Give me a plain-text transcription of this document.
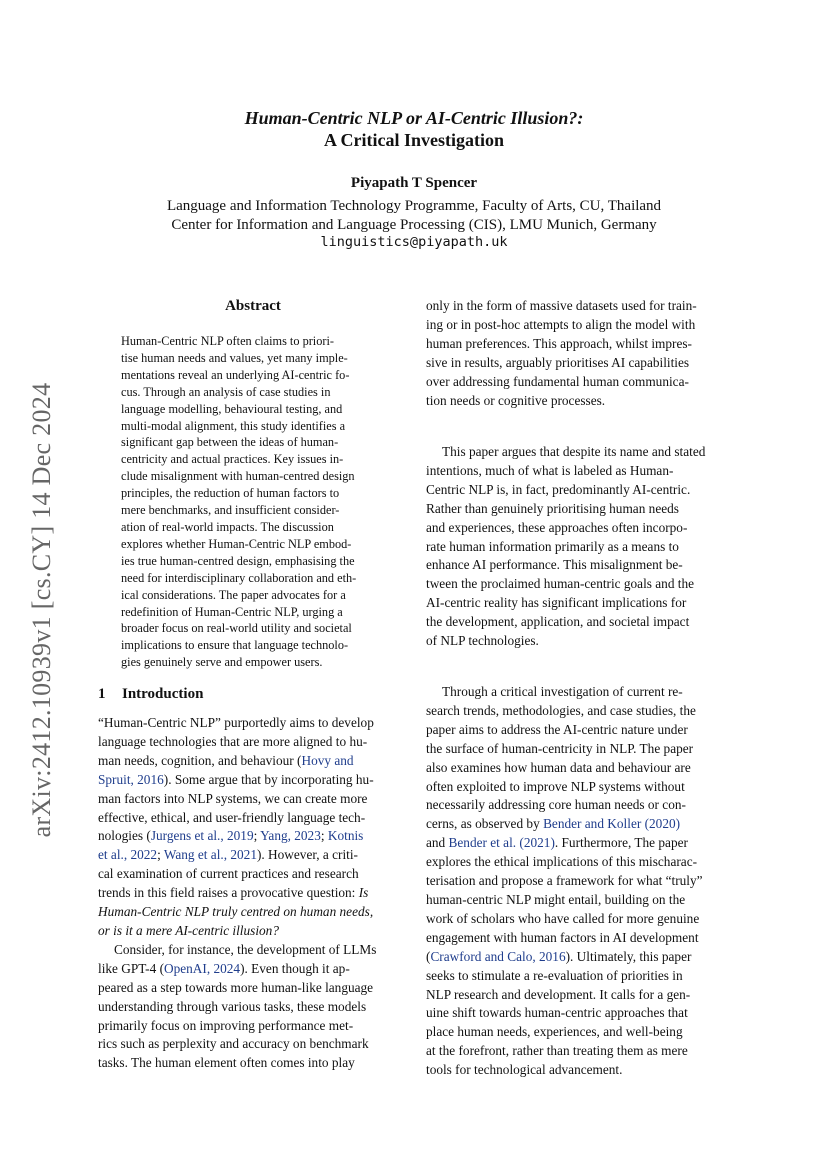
Human-Centric NLP or AI-Centric Illusion?:
A Critical Investigation
Piyapath T Spencer
Language and Information Technology Programme, Faculty of Arts, CU, Thailand
Center for Information and Language Processing (CIS), LMU Munich, Germany
linguistics@piyapath.uk
arXiv:2412.10939v1 [cs.CY] 14 Dec 2024
Abstract
Human-Centric NLP often claims to priori-
tise human needs and values, yet many imple-
mentations reveal an underlying AI-centric fo-
cus. Through an analysis of case studies in
language modelling, behavioural testing, and
multi-modal alignment, this study identifies a
significant gap between the ideas of human-
centricity and actual practices. Key issues in-
clude misalignment with human-centred design
principles, the reduction of human factors to
mere benchmarks, and insufficient consider-
ation of real-world impacts. The discussion
explores whether Human-Centric NLP embod-
ies true human-centred design, emphasising the
need for interdisciplinary collaboration and eth-
ical considerations. The paper advocates for a
redefinition of Human-Centric NLP, urging a
broader focus on real-world utility and societal
implications to ensure that language technolo-
gies genuinely serve and empower users.
1 Introduction
“Human-Centric NLP” purportedly aims to develop
language technologies that are more aligned to hu-
man needs, cognition, and behaviour (Hovy and
Spruit, 2016). Some argue that by incorporating hu-
man factors into NLP systems, we can create more
effective, ethical, and user-friendly language tech-
nologies (Jurgens et al., 2019; Yang, 2023; Kotnis
et al., 2022; Wang et al., 2021). However, a criti-
cal examination of current practices and research
trends in this field raises a provocative question: Is
Human-Centric NLP truly centred on human needs,
or is it a mere AI-centric illusion?
Consider, for instance, the development of LLMs
like GPT-4 (OpenAI, 2024). Even though it ap-
peared as a step towards more human-like language
understanding through various tasks, these models
primarily focus on improving performance met-
rics such as perplexity and accuracy on benchmark
tasks. The human element often comes into play
only in the form of massive datasets used for train-
ing or in post-hoc attempts to align the model with
human preferences. This approach, whilst impres-
sive in results, arguably prioritises AI capabilities
over addressing fundamental human communica-
tion needs or cognitive processes.
This paper argues that despite its name and stated
intentions, much of what is labeled as Human-
Centric NLP is, in fact, predominantly AI-centric.
Rather than genuinely prioritising human needs
and experiences, these approaches often incorpo-
rate human information primarily as a means to
enhance AI performance. This misalignment be-
tween the proclaimed human-centric goals and the
AI-centric reality has significant implications for
the development, application, and societal impact
of NLP technologies.
Through a critical investigation of current re-
search trends, methodologies, and case studies, the
paper aims to address the AI-centric nature under
the surface of human-centricity in NLP. The paper
also examines how human data and behaviour are
often exploited to improve NLP systems without
necessarily addressing core human needs or con-
cerns, as observed by Bender and Koller (2020)
and Bender et al. (2021). Furthermore, The paper
explores the ethical implications of this mischarac-
terisation and propose a framework for what “truly”
human-centric NLP might entail, building on the
work of scholars who have called for more genuine
engagement with human factors in AI development
(Crawford and Calo, 2016). Ultimately, this paper
seeks to stimulate a re-evaluation of priorities in
NLP research and development. It calls for a gen-
uine shift towards human-centric approaches that
place human needs, experiences, and well-being
at the forefront, rather than treating them as mere
tools for technological advancement.
